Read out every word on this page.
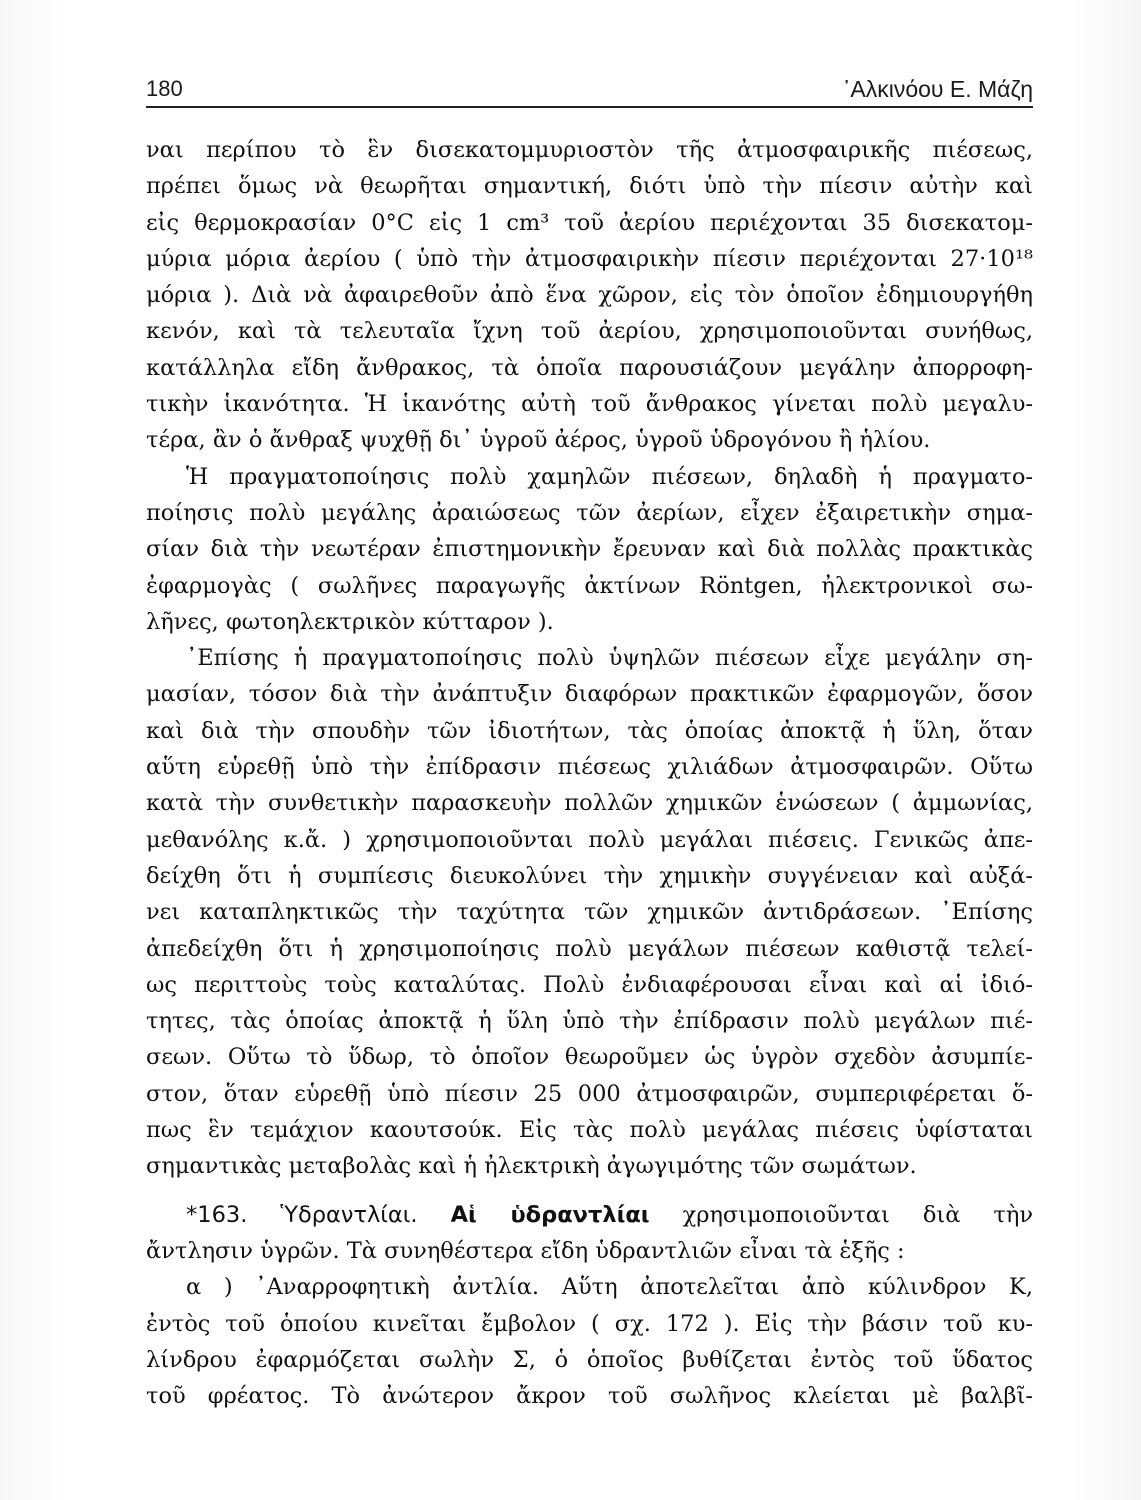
180	᾿Αλκινόου Ε. Μάζη
ναι περίπου τὸ ἓν δισεκατομμυριοστὸν τῆς ἀτμοσφαιρικῆς πιέσεως,
πρέπει ὅμως νὰ θεωρῆται σημαντική, διότι ὑπὸ τὴν πίεσιν αὐτὴν καὶ
εἰς θερμοκρασίαν 0°C εἰς 1 cm³ τοῦ ἀερίου περιέχονται 35 δισεκατομ-
μύρια μόρια ἀερίου ( ὑπὸ τὴν ἀτμοσφαιρικὴν πίεσιν περιέχονται 27·10¹⁸
μόρια ). Διὰ νὰ ἀφαιρεθοῦν ἀπὸ ἕνα χῶρον, εἰς τὸν ὁποῖον ἐδημιουργήθη
κενόν, καὶ τὰ τελευταῖα ἴχνη τοῦ ἀερίου, χρησιμοποιοῦνται συνήθως,
κατάλληλα εἴδη ἄνθρακος, τὰ ὁποῖα παρουσιάζουν μεγάλην ἀπορροφη-
τικὴν ἱκανότητα. Ἡ ἱκανότης αὐτὴ τοῦ ἄνθρακος γίνεται πολὺ μεγαλυ-
τέρα, ἂν ὁ ἄνθραξ ψυχθῇ δι᾿ ὑγροῦ ἀέρος, ὑγροῦ ὑδρογόνου ἢ ἡλίου.
Ἡ πραγματοποίησις πολὺ χαμηλῶν πιέσεων, δηλαδὴ ἡ πραγματο-
ποίησις πολὺ μεγάλης ἀραιώσεως τῶν ἀερίων, εἶχεν ἐξαιρετικὴν σημα-
σίαν διὰ τὴν νεωτέραν ἐπιστημονικὴν ἔρευναν καὶ διὰ πολλὰς πρακτικὰς
ἐφαρμογὰς ( σωλῆνες παραγωγῆς ἀκτίνων Röntgen, ἠλεκτρονικοὶ σω-
λῆνες, φωτοηλεκτρικὸν κύτταρον ).
᾿Επίσης ἡ πραγματοποίησις πολὺ ὑψηλῶν πιέσεων εἶχε μεγάλην ση-
μασίαν, τόσον διὰ τὴν ἀνάπτυξιν διαφόρων πρακτικῶν ἐφαρμογῶν, ὅσον
καὶ διὰ τὴν σπουδὴν τῶν ἰδιοτήτων, τὰς ὁποίας ἀποκτᾷ ἡ ὕλη, ὅταν
αὕτη εὑρεθῇ ὑπὸ τὴν ἐπίδρασιν πιέσεως χιλιάδων ἀτμοσφαιρῶν. Οὕτω
κατὰ τὴν συνθετικὴν παρασκευὴν πολλῶν χημικῶν ἑνώσεων ( ἀμμωνίας,
μεθανόλης κ.ἄ. ) χρησιμοποιοῦνται πολὺ μεγάλαι πιέσεις. Γενικῶς ἀπε-
δείχθη ὅτι ἡ συμπίεσις διευκολύνει τὴν χημικὴν συγγένειαν καὶ αὐξά-
νει καταπληκτικῶς τὴν ταχύτητα τῶν χημικῶν ἀντιδράσεων. ᾿Επίσης
ἀπεδείχθη ὅτι ἡ χρησιμοποίησις πολὺ μεγάλων πιέσεων καθιστᾷ τελεί-
ως περιττοὺς τοὺς καταλύτας. Πολὺ ἐνδιαφέρουσαι εἶναι καὶ αἱ ἰδιό-
τητες, τὰς ὁποίας ἀποκτᾷ ἡ ὕλη ὑπὸ τὴν ἐπίδρασιν πολὺ μεγάλων πιέ-
σεων. Οὕτω τὸ ὕδωρ, τὸ ὁποῖον θεωροῦμεν ὡς ὑγρὸν σχεδὸν ἀσυμπίε-
στον, ὅταν εὑρεθῇ ὑπὸ πίεσιν 25 000 ἀτμοσφαιρῶν, συμπεριφέρεται ὅ-
πως ἓν τεμάχιον καουτσούκ. Εἰς τὰς πολὺ μεγάλας πιέσεις ὑφίσταται
σημαντικὰς μεταβολὰς καὶ ἡ ἠλεκτρικὴ ἀγωγιμότης τῶν σωμάτων.
*163. Ὑδραντλίαι. Αἱ ὑδραντλίαι χρησιμοποιοῦνται διὰ τὴν
ἄντλησιν ὑγρῶν. Τὰ συνηθέστερα εἴδη ὑδραντλιῶν εἶναι τὰ ἑξῆς :
α ) ᾿Αναρροφητικὴ ἀντλία. Αὕτη ἀποτελεῖται ἀπὸ κύλινδρον Κ,
ἐντὸς τοῦ ὁποίου κινεῖται ἔμβολον ( σχ. 172 ). Εἰς τὴν βάσιν τοῦ κυ-
λίνδρου ἐφαρμόζεται σωλὴν Σ, ὁ ὁποῖος βυθίζεται ἐντὸς τοῦ ὕδατος
τοῦ φρέατος. Τὸ ἀνώτερον ἄκρον τοῦ σωλῆνος κλείεται μὲ βαλβῖ-
